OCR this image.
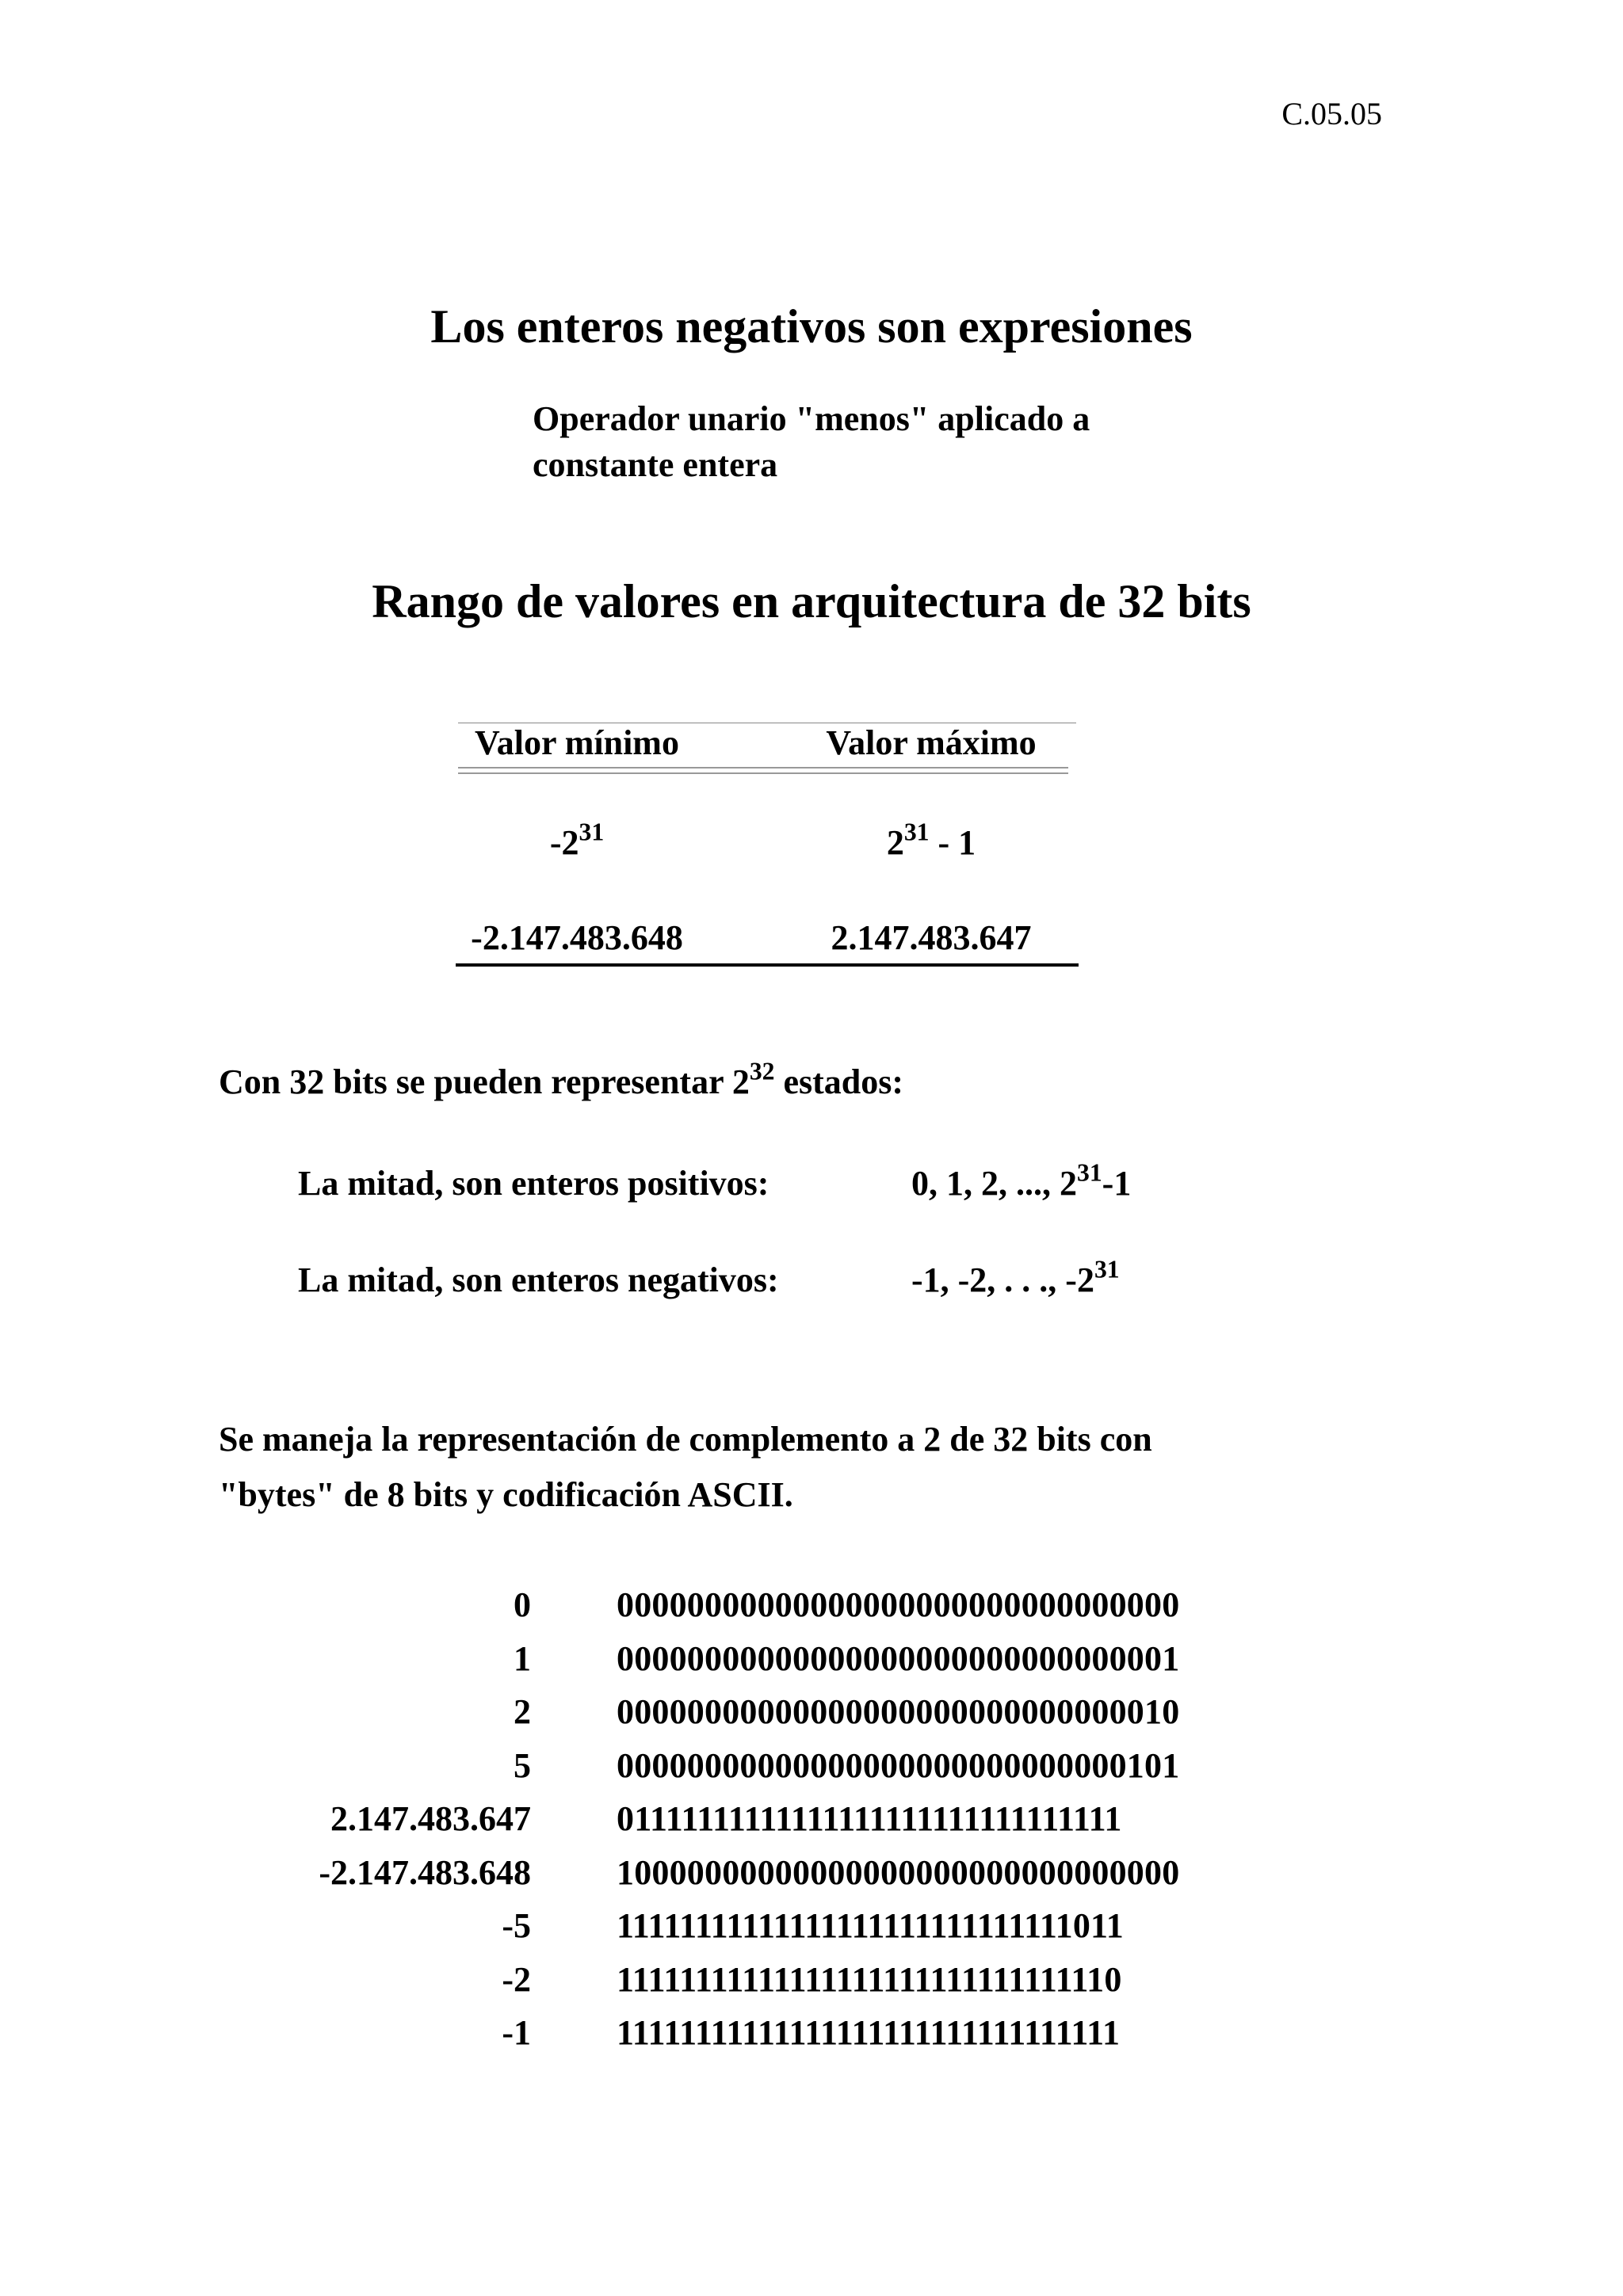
C.05.05
Los enteros negativos son expresiones
Operador unario "menos" aplicado a
constante entera
Rango de valores en arquitectura de 32 bits
Valor mínimo	Valor máximo
$-2^{31}$	$2^{31} - 1$
-2.147.483.648	2.147.483.647
Con 32 bits se pueden representar $2^{32}$ estados:
La mitad, son enteros positivos:	0, 1, 2, ..., $2^{31}-1$
La mitad, son enteros negativos:	-1, -2, . . ., $-2^{31}$
Se maneja la representación de complemento a 2 de 32 bits con
"bytes" de 8 bits y codificación ASCII.
0 00000000000000000000000000000000
1 00000000000000000000000000000001
2 00000000000000000000000000000010
5 00000000000000000000000000000101
2.147.483.647 01111111111111111111111111111111
-2.147.483.648 10000000000000000000000000000000
-5 11111111111111111111111111111011
-2 11111111111111111111111111111110
-1 11111111111111111111111111111111
